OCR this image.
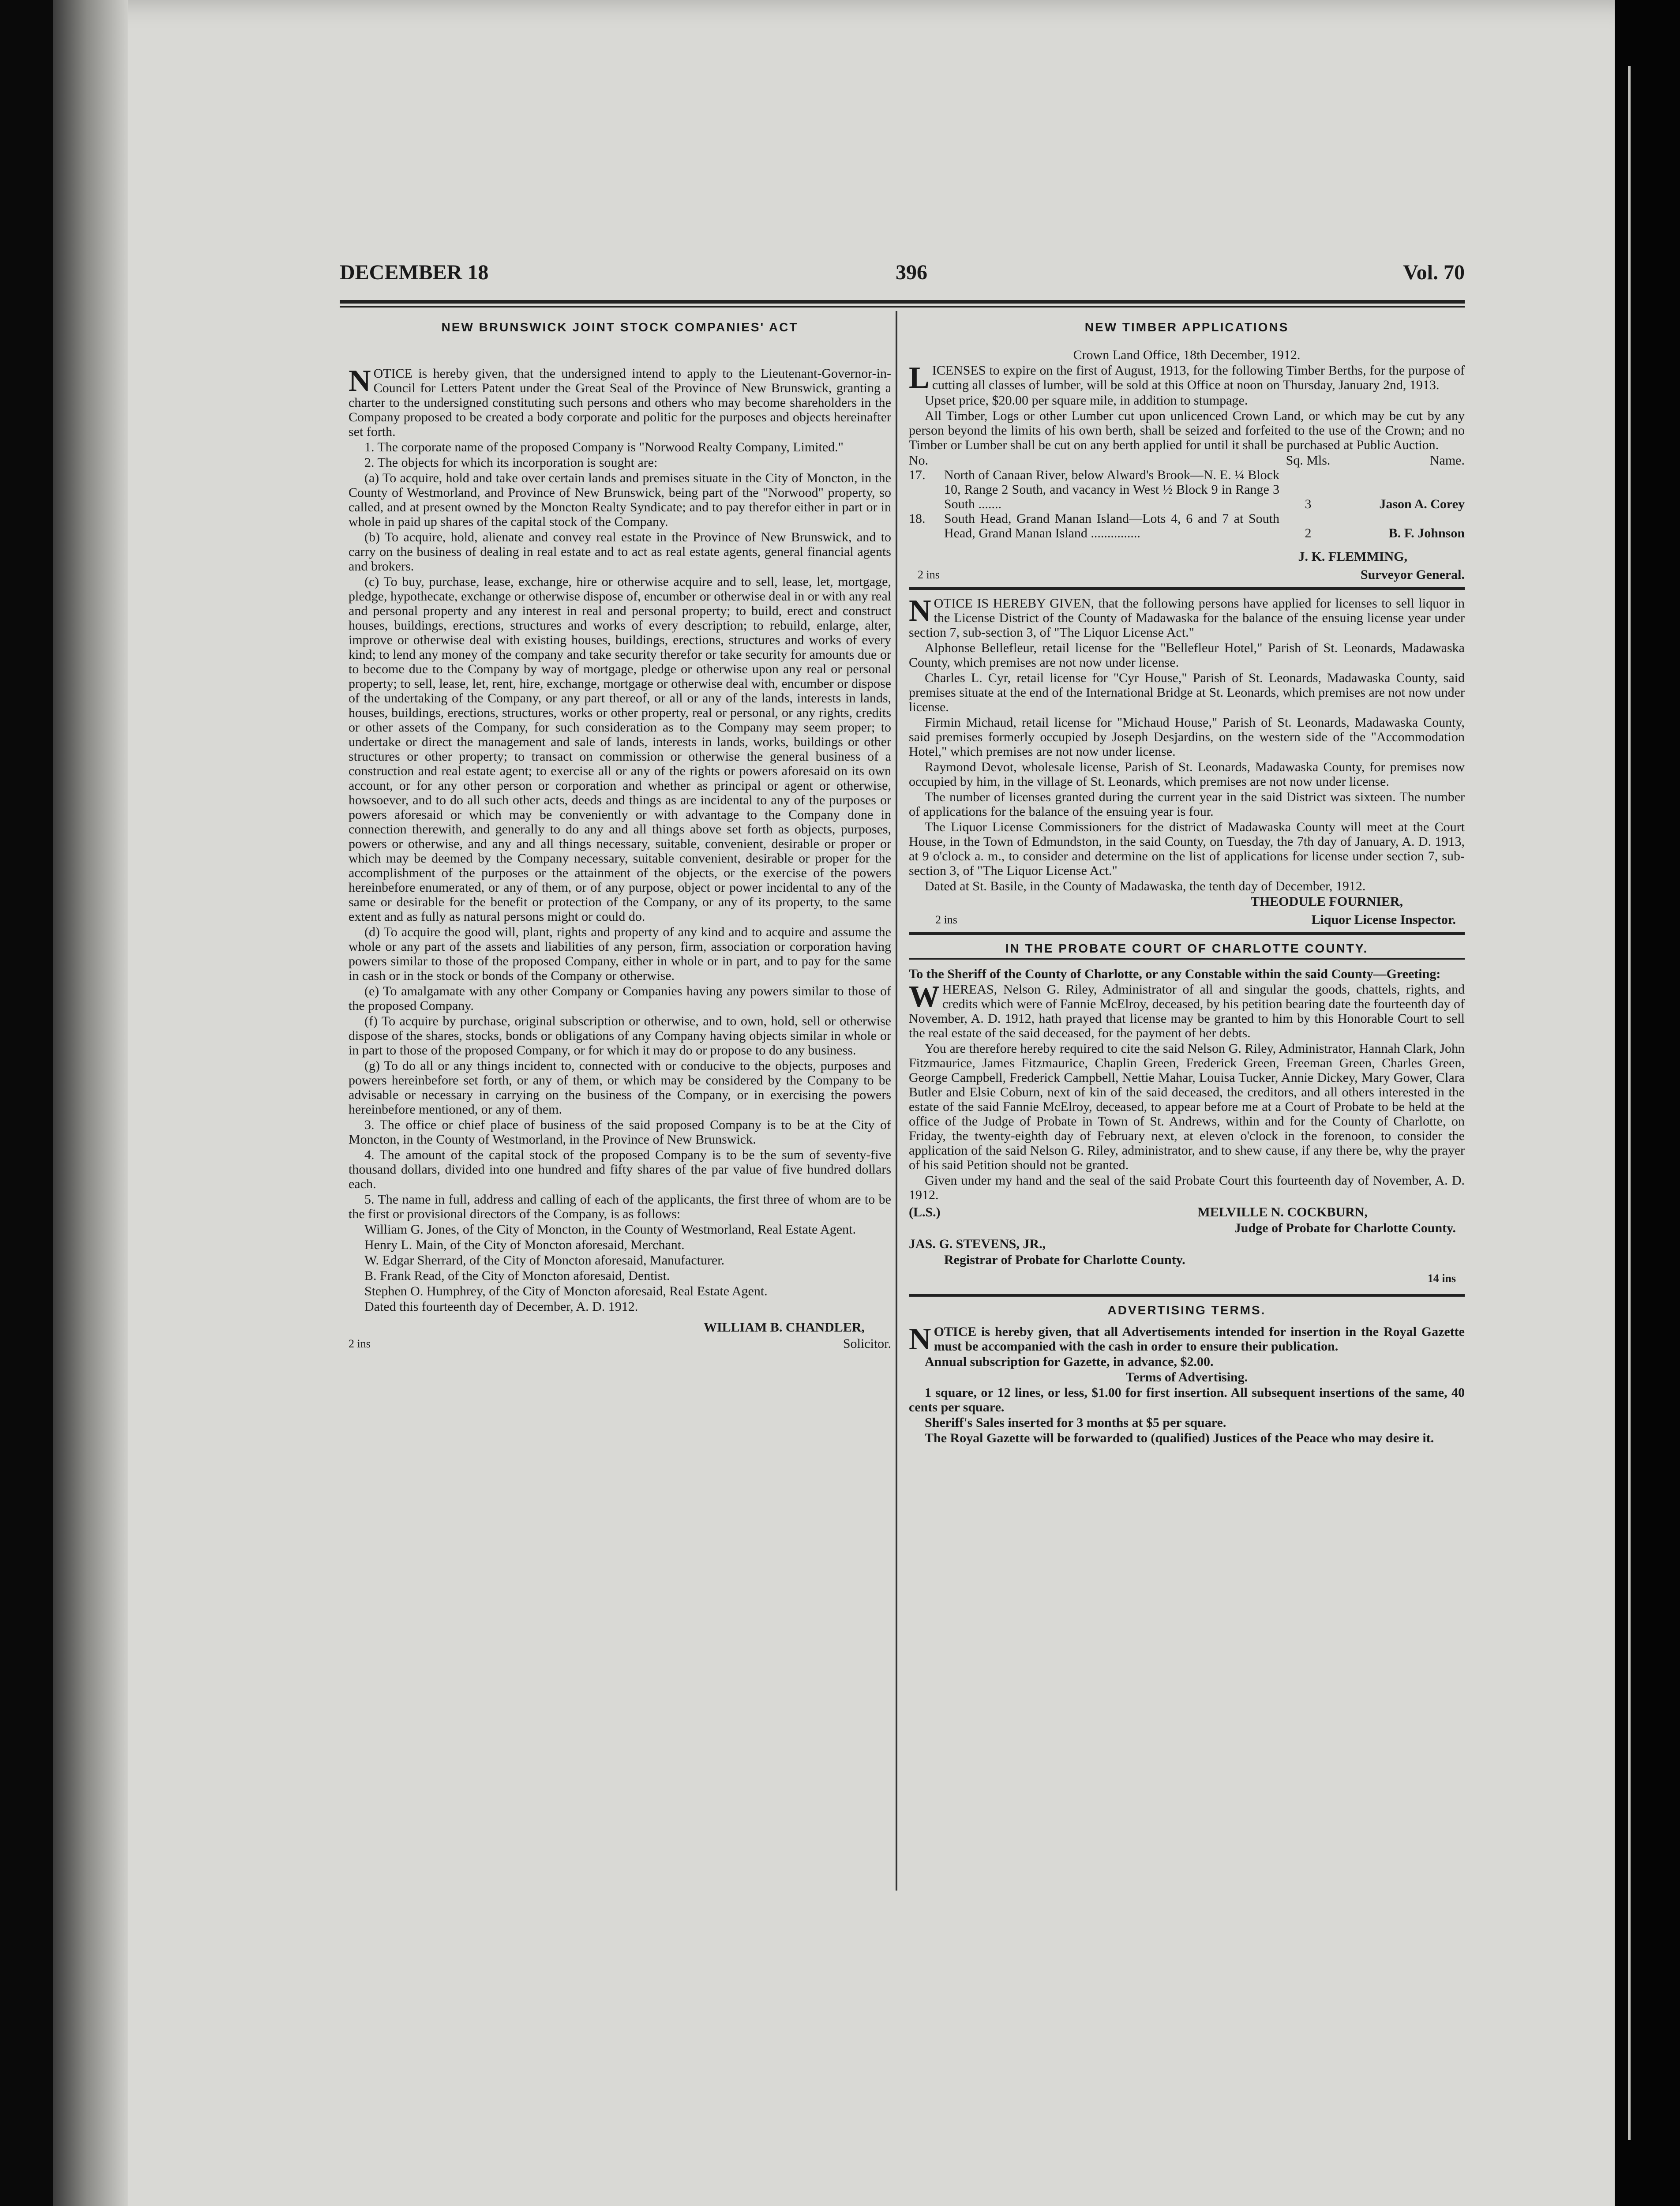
DECEMBER 18	396	Vol. 70

NEW BRUNSWICK JOINT STOCK COMPANIES' ACT

NOTICE is hereby given, that the undersigned intend to apply to the Lieutenant-Governor-in-Council for Letters Patent under the Great Seal of the Province of New Brunswick, granting a charter to the undersigned constituting such persons and others who may become shareholders in the Company proposed to be created a body corporate and politic for the purposes and objects hereinafter set forth.

1. The corporate name of the proposed Company is "Norwood Realty Company, Limited."

2. The objects for which its incorporation is sought are:

(a) To acquire, hold and take over certain lands and premises situate in the City of Moncton, in the County of Westmorland, and Province of New Brunswick, being part of the "Norwood" property, so called, and at present owned by the Moncton Realty Syndicate; and to pay therefor either in part or in whole in paid up shares of the capital stock of the Company.

(b) To acquire, hold, alienate and convey real estate in the Province of New Brunswick, and to carry on the business of dealing in real estate and to act as real estate agents, general financial agents and brokers.

(c) To buy, purchase, lease, exchange, hire or otherwise acquire and to sell, lease, let, mortgage, pledge, hypothecate, exchange or otherwise dispose of, encumber or otherwise deal in or with any real and personal property and any interest in real and personal property; to build, erect and construct houses, buildings, erections, structures and works of every description; to rebuild, enlarge, alter, improve or otherwise deal with existing houses, buildings, erections, structures and works of every kind; to lend any money of the company and take security therefor or take security for amounts due or to become due to the Company by way of mortgage, pledge or otherwise upon any real or personal property; to sell, lease, let, rent, hire, exchange, mortgage or otherwise deal with, encumber or dispose of the undertaking of the Company, or any part thereof, or all or any of the lands, interests in lands, houses, buildings, erections, structures, works or other property, real or personal, or any rights, credits or other assets of the Company, for such consideration as to the Company may seem proper; to undertake or direct the management and sale of lands, interests in lands, works, buildings or other structures or other property; to transact on commission or otherwise the general business of a construction and real estate agent; to exercise all or any of the rights or powers aforesaid on its own account, or for any other person or corporation and whether as principal or agent or otherwise, howsoever, and to do all such other acts, deeds and things as are incidental to any of the purposes or powers aforesaid or which may be conveniently or with advantage to the Company done in connection therewith, and generally to do any and all things above set forth as objects, purposes, powers or otherwise, and any and all things necessary, suitable, convenient, desirable or proper or which may be deemed by the Company necessary, suitable convenient, desirable or proper for the accomplishment of the purposes or the attainment of the objects, or the exercise of the powers hereinbefore enumerated, or any of them, or of any purpose, object or power incidental to any of the same or desirable for the benefit or protection of the Company, or any of its property, to the same extent and as fully as natural persons might or could do.

(d) To acquire the good will, plant, rights and property of any kind and to acquire and assume the whole or any part of the assets and liabilities of any person, firm, association or corporation having powers similar to those of the proposed Company, either in whole or in part, and to pay for the same in cash or in the stock or bonds of the Company or otherwise.

(e) To amalgamate with any other Company or Companies having any powers similar to those of the proposed Company.

(f) To acquire by purchase, original subscription or otherwise, and to own, hold, sell or otherwise dispose of the shares, stocks, bonds or obligations of any Company having objects similar in whole or in part to those of the proposed Company, or for which it may do or propose to do any business.

(g) To do all or any things incident to, connected with or conducive to the objects, purposes and powers hereinbefore set forth, or any of them, or which may be considered by the Company to be advisable or necessary in carrying on the business of the Company, or in exercising the powers hereinbefore mentioned, or any of them.

3. The office or chief place of business of the said proposed Company is to be at the City of Moncton, in the County of Westmorland, in the Province of New Brunswick.

4. The amount of the capital stock of the proposed Company is to be the sum of seventy-five thousand dollars, divided into one hundred and fifty shares of the par value of five hundred dollars each.

5. The name in full, address and calling of each of the applicants, the first three of whom are to be the first or provisional directors of the Company, is as follows:

William G. Jones, of the City of Moncton, in the County of Westmorland, Real Estate Agent.

Henry L. Main, of the City of Moncton aforesaid, Merchant.

W. Edgar Sherrard, of the City of Moncton aforesaid, Manufacturer.

B. Frank Read, of the City of Moncton aforesaid, Dentist.

Stephen O. Humphrey, of the City of Moncton aforesaid, Real Estate Agent.

Dated this fourteenth day of December, A. D. 1912.

2 ins
WILLIAM B. CHANDLER,
Solicitor.

NEW TIMBER APPLICATIONS

Crown Land Office, 18th December, 1912.

LICENSES to expire on the first of August, 1913, for the following Timber Berths, for the purpose of cutting all classes of lumber, will be sold at this Office at noon on Thursday, January 2nd, 1913.

Upset price, $20.00 per square mile, in addition to stumpage.

All Timber, Logs or other Lumber cut upon unlicenced Crown Land, or which may be cut by any person beyond the limits of his own berth, shall be seized and forfeited to the use of the Crown; and no Timber or Lumber shall be cut on any berth applied for until it shall be purchased at Public Auction.

No.		Sq. Mls.	Name.
17.	North of Canaan River, below Alward's Brook—N. E. ¼ Block 10, Range 2 South, and vacancy in West ½ Block 9 in Range 3 South .......	3	Jason A. Corey
18.	South Head, Grand Manan Island—Lots 4, 6 and 7 at South Head, Grand Manan Island ...............	2	B. F. Johnson
2 ins
J. K. FLEMMING,
Surveyor General.

NOTICE IS HEREBY GIVEN, that the following persons have applied for licenses to sell liquor in the License District of the County of Madawaska for the balance of the ensuing license year under section 7, sub-section 3, of "The Liquor License Act."

Alphonse Bellefleur, retail license for the "Bellefleur Hotel," Parish of St. Leonards, Madawaska County, which premises are not now under license.

Charles L. Cyr, retail license for "Cyr House," Parish of St. Leonards, Madawaska County, said premises situate at the end of the International Bridge at St. Leonards, which premises are not now under license.

Firmin Michaud, retail license for "Michaud House," Parish of St. Leonards, Madawaska County, said premises formerly occupied by Joseph Desjardins, on the western side of the "Accommodation Hotel," which premises are not now under license.

Raymond Devot, wholesale license, Parish of St. Leonards, Madawaska County, for premises now occupied by him, in the village of St. Leonards, which premises are not now under license.

The number of licenses granted during the current year in the said District was sixteen. The number of applications for the balance of the ensuing year is four.

The Liquor License Commissioners for the district of Madawaska County will meet at the Court House, in the Town of Edmundston, in the said County, on Tuesday, the 7th day of January, A. D. 1913, at 9 o'clock a. m., to consider and determine on the list of applications for license under section 7, sub-section 3, of "The Liquor License Act."

Dated at St. Basile, in the County of Madawaska, the tenth day of December, 1912.

THEODULE FOURNIER,
2 ins	Liquor License Inspector.

IN THE PROBATE COURT OF CHARLOTTE COUNTY.

To the Sheriff of the County of Charlotte, or any Constable within the said County—Greeting:

WHEREAS, Nelson G. Riley, Administrator of all and singular the goods, chattels, rights, and credits which were of Fannie McElroy, deceased, by his petition bearing date the fourteenth day of November, A. D. 1912, hath prayed that license may be granted to him by this Honorable Court to sell the real estate of the said deceased, for the payment of her debts.

You are therefore hereby required to cite the said Nelson G. Riley, Administrator, Hannah Clark, John Fitzmaurice, James Fitzmaurice, Chaplin Green, Frederick Green, Freeman Green, Charles Green, George Campbell, Frederick Campbell, Nettie Mahar, Louisa Tucker, Annie Dickey, Mary Gower, Clara Butler and Elsie Coburn, next of kin of the said deceased, the creditors, and all others interested in the estate of the said Fannie McElroy, deceased, to appear before me at a Court of Probate to be held at the office of the Judge of Probate in Town of St. Andrews, within and for the County of Charlotte, on Friday, the twenty-eighth day of February next, at eleven o'clock in the forenoon, to consider the application of the said Nelson G. Riley, administrator, and to shew cause, if any there be, why the prayer of his said Petition should not be granted.

Given under my hand and the seal of the said Probate Court this fourteenth day of November, A. D. 1912.

(L.S.)	MELVILLE N. COCKBURN,
Judge of Probate for Charlotte County.
JAS. G. STEVENS, JR.,
Registrar of Probate for Charlotte County.
14 ins

ADVERTISING TERMS.

NOTICE is hereby given, that all Advertisements intended for insertion in the Royal Gazette must be accompanied with the cash in order to ensure their publication.

Annual subscription for Gazette, in advance, $2.00.

Terms of Advertising.

1 square, or 12 lines, or less, $1.00 for first insertion. All subsequent insertions of the same, 40 cents per square.

Sheriff's Sales inserted for 3 months at $5 per square.

The Royal Gazette will be forwarded to (qualified) Justices of the Peace who may desire it.
